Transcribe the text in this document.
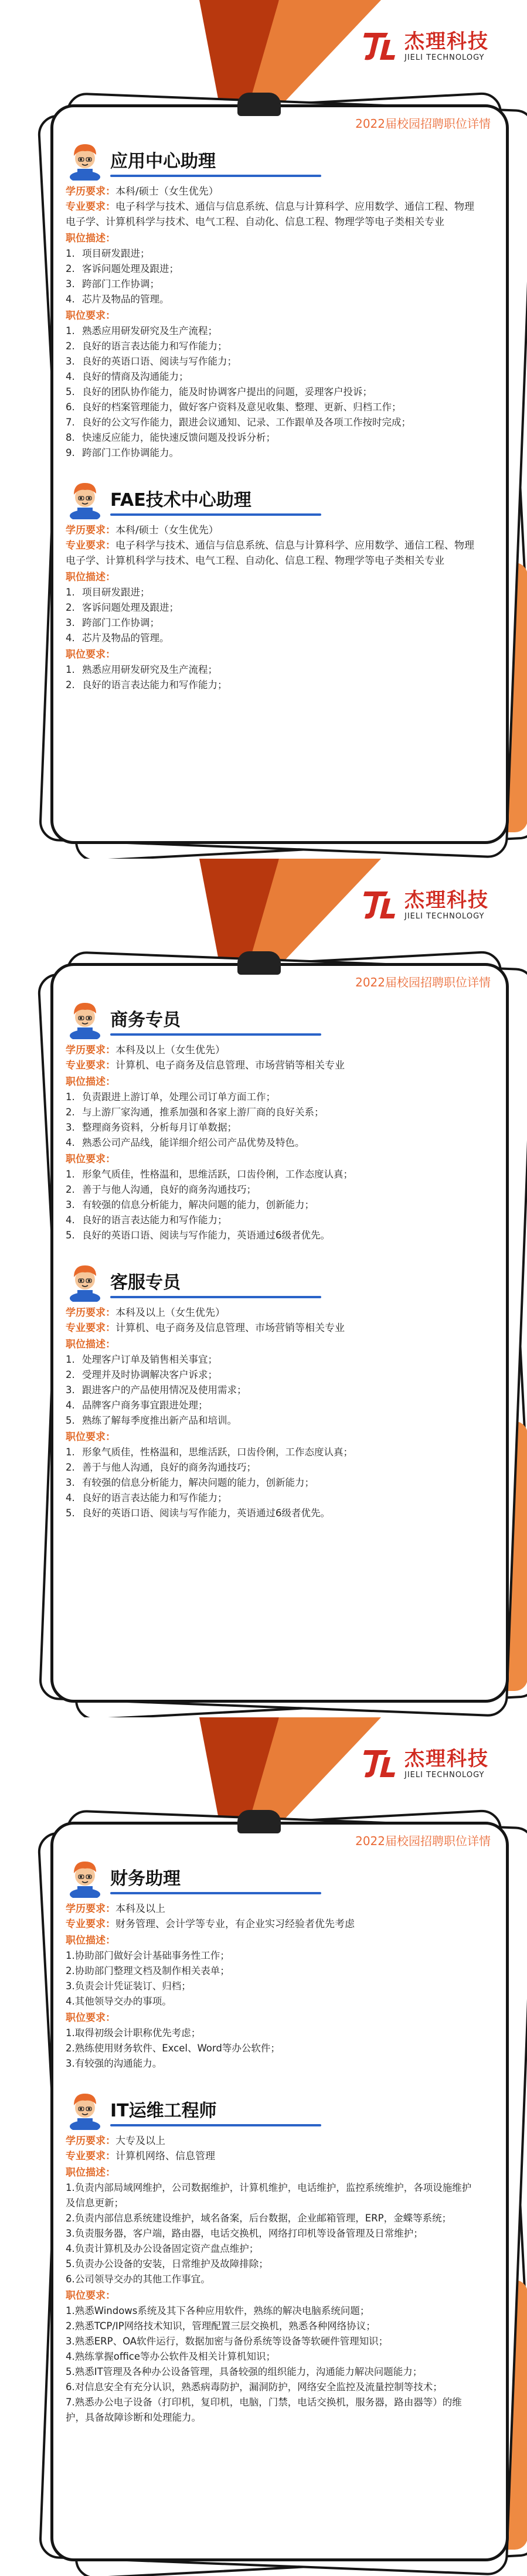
杰理科技
JIELI TECHNOLOGY
2022届校园招聘职位详情
应用中心助理
学历要求：本科/硕士（女生优先）
专业要求：电子科学与技术、通信与信息系统、信息与计算科学、应用数学、通信工程、物理电子学、计算机科学与技术、电气工程、自动化、信息工程、物理学等电子类相关专业
职位描述：
1. 项目研发跟进；
2. 客诉问题处理及跟进；
3. 跨部门工作协调；
4. 芯片及物品的管理。
职位要求：
1. 熟悉应用研发研究及生产流程；
2. 良好的语言表达能力和写作能力；
3. 良好的英语口语、阅读与写作能力；
4. 良好的情商及沟通能力；
5. 良好的团队协作能力，能及时协调客户提出的问题，妥理客户投诉；
6. 良好的档案管理能力，做好客户资料及意见收集、整理、更新、归档工作；
7. 良好的公文写作能力，跟进会议通知、记录、工作跟单及各项工作按时完成；
8. 快速反应能力，能快速反馈问题及投诉分析；
9. 跨部门工作协调能力。
FAE技术中心助理
学历要求：本科/硕士（女生优先）
专业要求：电子科学与技术、通信与信息系统、信息与计算科学、应用数学、通信工程、物理电子学、计算机科学与技术、电气工程、自动化、信息工程、物理学等电子类相关专业
职位描述：
1. 项目研发跟进；
2. 客诉问题处理及跟进；
3. 跨部门工作协调；
4. 芯片及物品的管理。
职位要求：
1. 熟悉应用研发研究及生产流程；
2. 良好的语言表达能力和写作能力；
杰理科技
JIELI TECHNOLOGY
2022届校园招聘职位详情
商务专员
学历要求：本科及以上（女生优先）
专业要求：计算机、电子商务及信息管理、市场营销等相关专业
职位描述：
1. 负责跟进上游订单，处理公司订单方面工作；
2. 与上游厂家沟通，推系加强和各家上游厂商的良好关系；
3. 整理商务资料，分析每月订单数据；
4. 熟悉公司产品线，能详细介绍公司产品优势及特色。
职位要求：
1. 形象气质佳，性格温和，思维活跃，口齿伶俐，工作态度认真；
2. 善于与他人沟通，良好的商务沟通技巧；
3. 有较强的信息分析能力，解决问题的能力，创新能力；
4. 良好的语言表达能力和写作能力；
5. 良好的英语口语、阅读与写作能力，英语通过6级者优先。
客服专员
学历要求：本科及以上（女生优先）
专业要求：计算机、电子商务及信息管理、市场营销等相关专业
职位描述：
1. 处理客户订单及销售相关事宜；
2. 受理并及时协调解决客户诉求；
3. 跟进客户的产品使用情况及使用需求；
4. 品牌客户商务事宜跟进处理；
5. 熟练了解每季度推出新产品和培训。
职位要求：
1. 形象气质佳，性格温和，思维活跃，口齿伶俐，工作态度认真；
2. 善于与他人沟通，良好的商务沟通技巧；
3. 有较强的信息分析能力，解决问题的能力，创新能力；
4. 良好的语言表达能力和写作能力；
5. 良好的英语口语、阅读与写作能力，英语通过6级者优先。
杰理科技
JIELI TECHNOLOGY
2022届校园招聘职位详情
财务助理
学历要求：本科及以上
专业要求：财务管理、会计学等专业，有企业实习经验者优先考虑
职位描述：
1.协助部门做好会计基础事务性工作；
2.协助部门整理文档及制作相关表单；
3.负责会计凭证装订、归档；
4.其他领导交办的事项。
职位要求：
1.取得初级会计职称优先考虑；
2.熟练使用财务软件、Excel、Word等办公软件；
3.有较强的沟通能力。
IT运维工程师
学历要求：大专及以上
专业要求：计算机网络、信息管理
职位描述：
1.负责内部局域网维护，公司数据维护，计算机维护，电话维护，监控系统维护，各项设施维护及信息更新；
2.负责内部信息系统建设维护，域名备案，后台数据，企业邮箱管理，ERP，金蝶等系统；
3.负责服务器，客户端，路由器，电话交换机，网络打印机等设备管理及日常维护；
4.负责计算机及办公设备固定资产盘点维护；
5.负责办公设备的安装，日常维护及故障排除；
6.公司领导交办的其他工作事宜。
职位要求：
1.熟悉Windows系统及其下各种应用软件，熟练的解决电脑系统问题；
2.熟悉TCP/IP网络技术知识，管理配置三层交换机，熟悉各种网络协议；
3.熟悉ERP、OA软件运行，数据加密与备份系统等设备等软硬件管理知识；
4.熟练掌握office等办公软件及相关计算机知识；
5.熟悉IT管理及各种办公设备管理，具备较强的组织能力，沟通能力解决问题能力；
6.对信息安全有充分认识，熟悉病毒防护，漏洞防护，网络安全监控及流量控制等技术；
7.熟悉办公电子设备（打印机，复印机，电脑，门禁，电话交换机，服务器，路由器等）的维护，具备故障诊断和处理能力。
